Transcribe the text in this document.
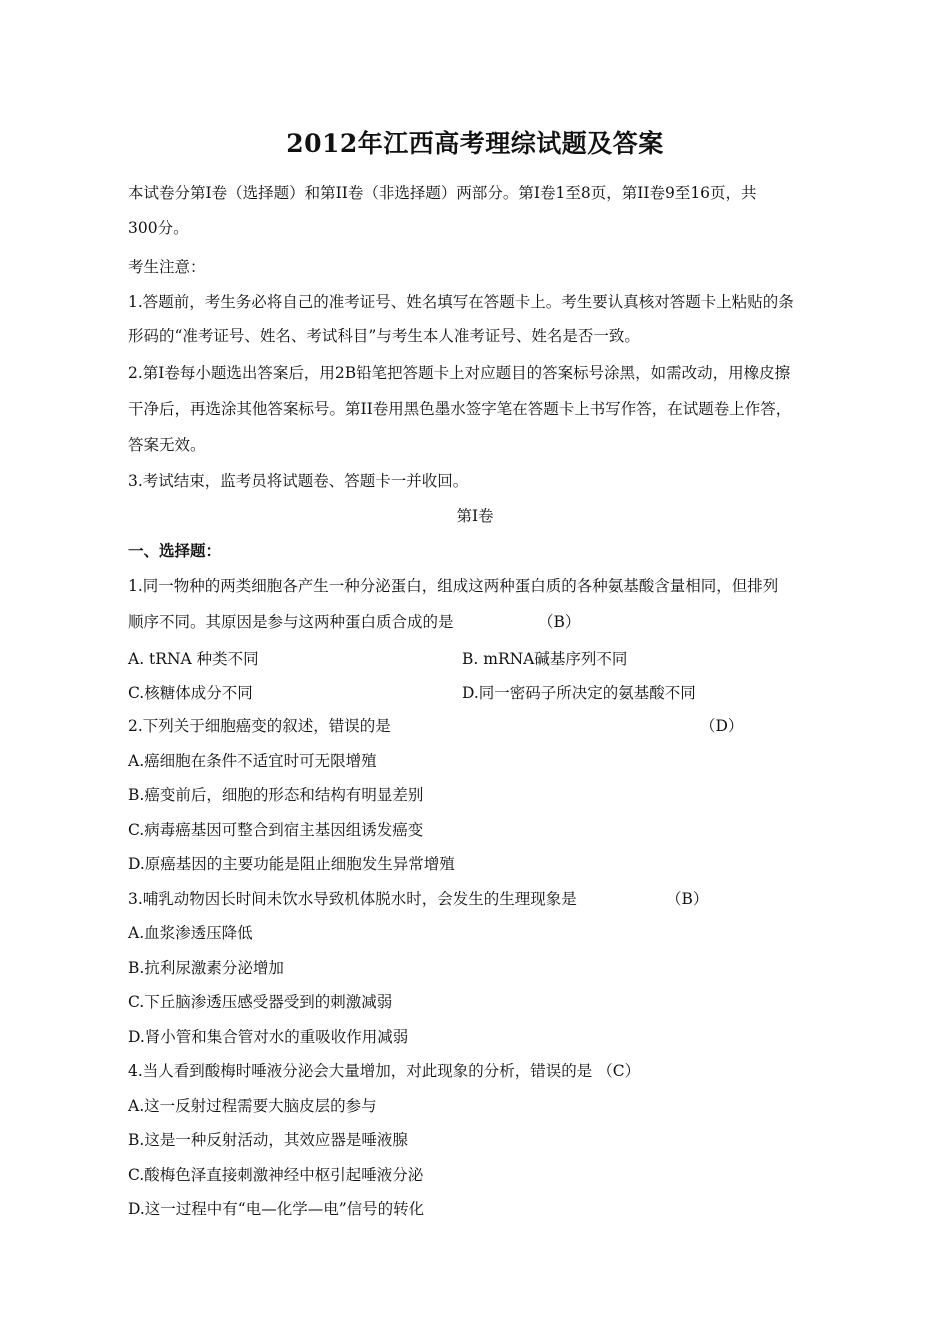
2012年江西高考理综试题及答案
本试卷分第Ⅰ卷（选择题）和第ⅠⅠ卷（非选择题）两部分。第Ⅰ卷1至8页，第ⅠⅠ卷9至16页，共
300分。
考生注意：
1.答题前，考生务必将自己的准考证号、姓名填写在答题卡上。考生要认真核对答题卡上粘贴的条
形码的“准考证号、姓名、考试科目”与考生本人准考证号、姓名是否一致。
2.第Ⅰ卷每小题选出答案后，用2B铅笔把答题卡上对应题目的答案标号涂黑，如需改动，用橡皮擦
干净后，再选涂其他答案标号。第ⅠⅠ卷用黑色墨水签字笔在答题卡上书写作答，在试题卷上作答，
答案无效。
3.考试结束，监考员将试题卷、答题卡一并收回。
第Ⅰ卷
一、选择题：
1.同一物种的两类细胞各产生一种分泌蛋白，组成这两种蛋白质的各种氨基酸含量相同，但排列
顺序不同。其原因是参与这两种蛋白质合成的是	（B）
A. tRNA 种类不同	B. mRNA碱基序列不同
C.核糖体成分不同	D.同一密码子所决定的氨基酸不同
2.下列关于细胞癌变的叙述，错误的是	（D）
A.癌细胞在条件不适宜时可无限增殖
B.癌变前后，细胞的形态和结构有明显差别
C.病毒癌基因可整合到宿主基因组诱发癌变
D.原癌基因的主要功能是阻止细胞发生异常增殖
3.哺乳动物因长时间未饮水导致机体脱水时，会发生的生理现象是	（B）
A.血浆渗透压降低
B.抗利尿激素分泌增加
C.下丘脑渗透压感受器受到的刺激减弱
D.肾小管和集合管对水的重吸收作用减弱
4.当人看到酸梅时唾液分泌会大量增加，对此现象的分析，错误的是 （C）
A.这一反射过程需要大脑皮层的参与
B.这是一种反射活动，其效应器是唾液腺
C.酸梅色泽直接刺激神经中枢引起唾液分泌
D.这一过程中有“电—化学—电”信号的转化
